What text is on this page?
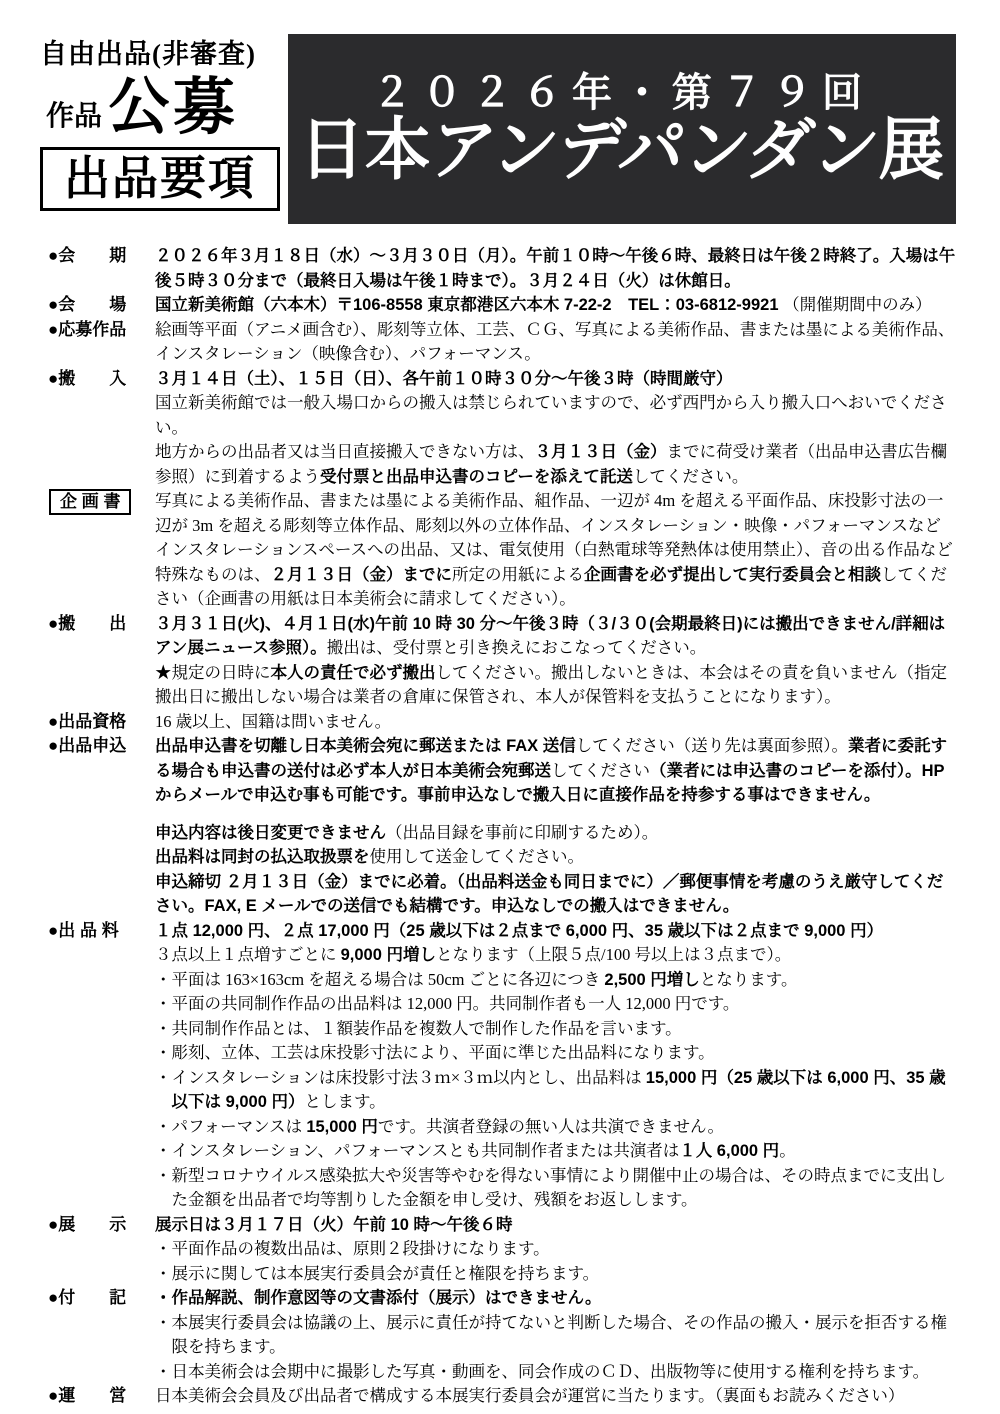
自由出品(非審査)
作品 公募
出品要項
２０２６年・第７９回
日本
アンデパンダン
展
●会　　期	２０２６年３月１８日（水）～３月３０日（月）。午前１０時～午後６時、最終日は午後２時終了。入場は午後５時３０分まで（最終日入場は午後１時まで）。３月２４日（火）は休館日。
●会　　場	国立新美術館（六本木）〒106-8558 東京都港区六本木 7-22-2　TEL：03-6812-9921 （開催期間中のみ）
●応募作品	絵画等平面（アニメ画含む）、彫刻等立体、工芸、ＣＧ、写真による美術作品、書または墨による美術作品、インスタレーション（映像含む）、パフォーマンス。
●搬　　入	３月１４日（土）、１５日（日）、各午前１０時３０分～午後３時（時間厳守）
国立新美術館では一般入場口からの搬入は禁じられていますので、必ず西門から入り搬入口へおいでください。
地方からの出品者又は当日直接搬入できない方は、３月１３日（金）までに荷受け業者（出品申込書広告欄参照）に到着するよう受付票と出品申込書のコピーを添えて託送してください。
企 画 書	写真による美術作品、書または墨による美術作品、組作品、一辺が 4m を超える平面作品、床投影寸法の一辺が 3m を超える彫刻等立体作品、彫刻以外の立体作品、インスタレーション・映像・パフォーマンスなどインスタレーションスペースへの出品、又は、電気使用（白熱電球等発熱体は使用禁止）、音の出る作品など特殊なものは、２月１３日（金）までに所定の用紙による企画書を必ず提出して実行委員会と相談してください（企画書の用紙は日本美術会に請求してください）。
●搬　　出	３月３１日(火)、４月１日(水)午前 10 時 30 分～午後３時（３/３０(会期最終日)には搬出できません/詳細はアン展ニュース参照）。搬出は、受付票と引き換えにおこなってください。
★規定の日時に本人の責任で必ず搬出してください。搬出しないときは、本会はその責を負いません（指定搬出日に搬出しない場合は業者の倉庫に保管され、本人が保管料を支払うことになります）。
●出品資格	16 歳以上、国籍は問いません。
●出品申込	出品申込書を切離し日本美術会宛に郵送または FAX 送信してください（送り先は裏面参照）。業者に委託する場合も申込書の送付は必ず本人が日本美術会宛郵送してください（業者には申込書のコピーを添付）。HP からメールで申込む事も可能です。事前申込なしで搬入日に直接作品を持参する事はできません。
申込内容は後日変更できません（出品目録を事前に印刷するため）。
出品料は同封の払込取扱票を使用して送金してください。
申込締切 ２月１３日（金）までに必着。（出品料送金も同日までに）／郵便事情を考慮のうえ厳守してください。FAX, E メールでの送信でも結構です。申込なしでの搬入はできません。
●出 品 料	１点 12,000 円、２点 17,000 円（25 歳以下は２点まで 6,000 円、35 歳以下は２点まで 9,000 円）
３点以上１点増すごとに 9,000 円増しとなります（上限５点/100 号以上は３点まで）。
・平面は 163×163cm を超える場合は 50cm ごとに各辺につき 2,500 円増しとなります。
・平面の共同制作作品の出品料は 12,000 円。共同制作者も一人 12,000 円です。
・共同制作作品とは、１額装作品を複数人で制作した作品を言います。
・彫刻、立体、工芸は床投影寸法により、平面に準じた出品料になります。
・インスタレーションは床投影寸法３ｍ×３ｍ以内とし、出品料は 15,000 円（25 歳以下は 6,000 円、35 歳以下は 9,000 円）とします。
・パフォーマンスは 15,000 円です。共演者登録の無い人は共演できません。
・インスタレーション、パフォーマンスとも共同制作者または共演者は１人 6,000 円。
・新型コロナウイルス感染拡大や災害等やむを得ない事情により開催中止の場合は、その時点までに支出した金額を出品者で均等割りした金額を申し受け、残額をお返しします。
●展　　示	展示日は３月１７日（火）午前 10 時～午後６時
・平面作品の複数出品は、原則２段掛けになります。
・展示に関しては本展実行委員会が責任と権限を持ちます。
●付　　記	・作品解説、制作意図等の文書添付（展示）はできません。
・本展実行委員会は協議の上、展示に責任が持てないと判断した場合、その作品の搬入・展示を拒否する権限を持ちます。
・日本美術会は会期中に撮影した写真・動画を、同会作成のＣＤ、出版物等に使用する権利を持ちます。
●運　　営	日本美術会会員及び出品者で構成する本展実行委員会が運営に当たります。（裏面もお読みください）
